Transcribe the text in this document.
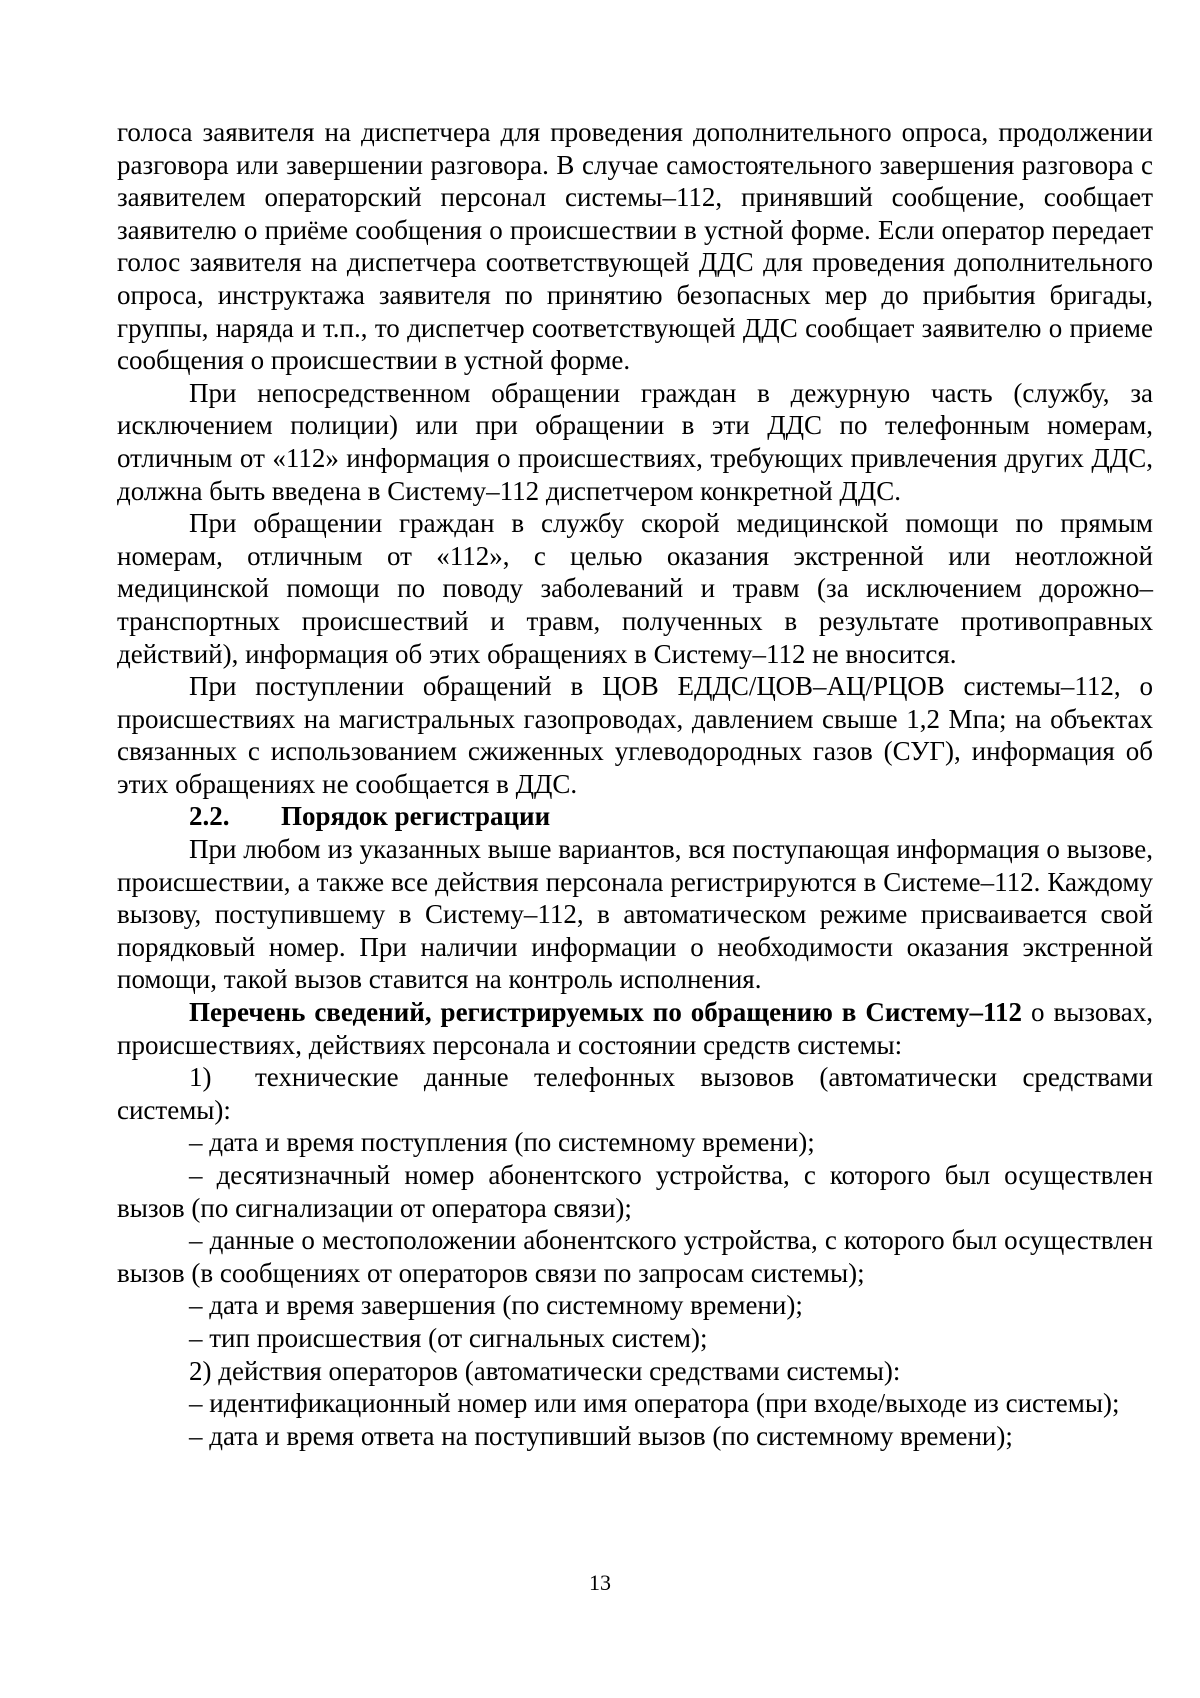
голоса заявителя на диспетчера для проведения дополнительного опроса, продолжении разговора или завершении разговора. В случае самостоятельного завершения разговора с заявителем операторский персонал системы–112, принявший сообщение, сообщает заявителю о приёме сообщения о происшествии в устной форме. Если оператор передает голос заявителя на диспетчера соответствующей ДДС для проведения дополнительного опроса, инструктажа заявителя по принятию безопасных мер до прибытия бригады, группы, наряда и т.п., то диспетчер соответствующей ДДС сообщает заявителю о приеме сообщения о происшествии в устной форме.

При непосредственном обращении граждан в дежурную часть (службу, за исключением полиции) или при обращении в эти ДДС по телефонным номерам, отличным от «112» информация о происшествиях, требующих привлечения других ДДС, должна быть введена в Систему–112 диспетчером конкретной ДДС.

При обращении граждан в службу скорой медицинской помощи по прямым номерам, отличным от «112», с целью оказания экстренной или неотложной медицинской помощи по поводу заболеваний и травм (за исключением дорожно–транспортных происшествий и травм, полученных в результате противоправных действий), информация об этих обращениях в Систему–112 не вносится.

При поступлении обращений в ЦОВ ЕДДС/ЦОВ–АЦ/РЦОВ системы–112, о происшествиях на магистральных газопроводах, давлением свыше 1,2 Мпа; на объектах связанных с использованием сжиженных углеводородных газов (СУГ), информация об этих обращениях не сообщается в ДДС.

2.2. Порядок регистрации

При любом из указанных выше вариантов, вся поступающая информация о вызове, происшествии, а также все действия персонала регистрируются в Системе–112. Каждому вызову, поступившему в Систему–112, в автоматическом режиме присваивается свой порядковый номер. При наличии информации о необходимости оказания экстренной помощи, такой вызов ставится на контроль исполнения.

Перечень сведений, регистрируемых по обращению в Систему–112 о вызовах, происшествиях, действиях персонала и состоянии средств системы:

1) технические данные телефонных вызовов (автоматически средствами системы):

– дата и время поступления (по системному времени);

– десятизначный номер абонентского устройства, с которого был осуществлен вызов (по сигнализации от оператора связи);

– данные о местоположении абонентского устройства, с которого был осуществлен вызов (в сообщениях от операторов связи по запросам системы);

– дата и время завершения (по системному времени);

– тип происшествия (от сигнальных систем);

2) действия операторов (автоматически средствами системы):

– идентификационный номер или имя оператора (при входе/выходе из системы);

– дата и время ответа на поступивший вызов (по системному времени);

13
